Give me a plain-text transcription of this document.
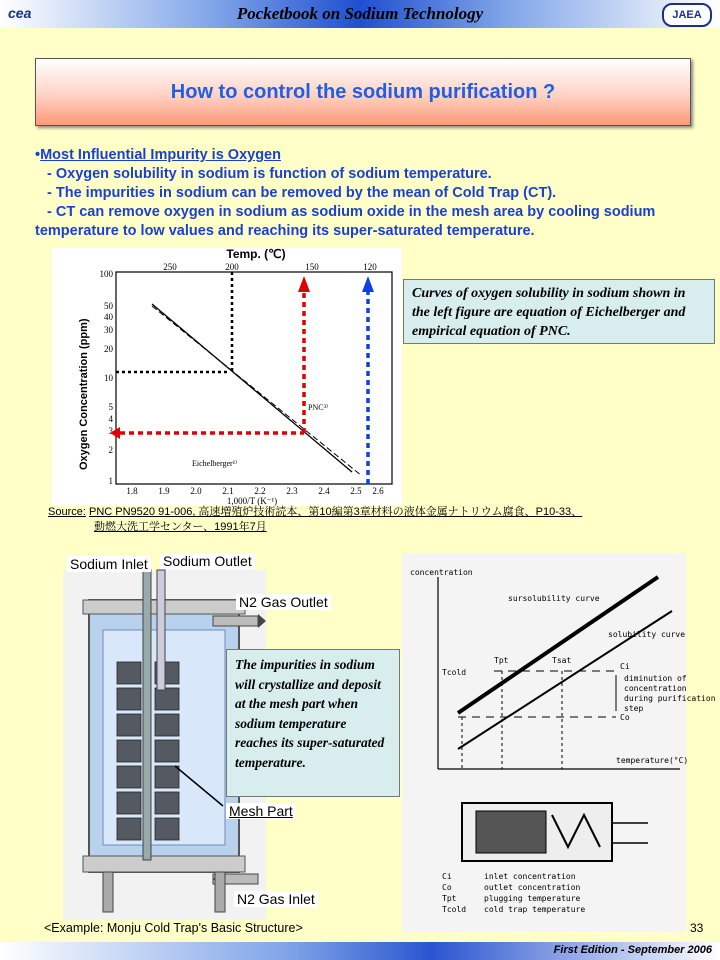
cea	Pocketbook on Sodium Technology	JAEA
How to control the sodium purification ?
•Most Influential Impurity is Oxygen
- Oxygen solubility in sodium is function of sodium temperature.
- The impurities in sodium can be removed by the mean of Cold Trap (CT).
- CT can remove oxygen in sodium as sodium oxide in the mesh area by cooling sodium temperature to low values and reaching its super-saturated temperature.
250	200	150	120
100
50
40
30
20
10
5
4
3
2
1
1.8 1.9 2.0 2.1 2.2 2.3 2.4 2.5 2.6
1,000/T (K⁻¹)
Oxygen Concentration (ppm)
Temp. (℃)
PNC³⁾
Eichelberger¹⁾
Curves of oxygen solubility in sodium shown in the left figure are equation of Eichelberger and empirical equation of PNC.
Source: PNC PN9520 91-006, 高速増殖炉技術読本、第10編第3章材料の液体金属ナトリウム腐食、P10-33、
動燃大洗工学センター、1991年7月
Sodium Inlet Sodium Outlet
N2 Gas Outlet
Mesh Part
N2 Gas Inlet
The impurities in sodium will crystallize and deposit at the mesh part when sodium temperature reaches its super-saturated temperature.
concentration
temperature(°C)
sursolubility curve
solubility curve
Tcold
Tpt	Tsat
Ci
Co
diminution of
concentration
during purification
step
Ci	inlet concentration
Co	outlet concentration
Tpt	plugging temperature
Tcold cold trap temperature
<Example: Monju Cold Trap's Basic Structure>	33
First Edition - September 2006
